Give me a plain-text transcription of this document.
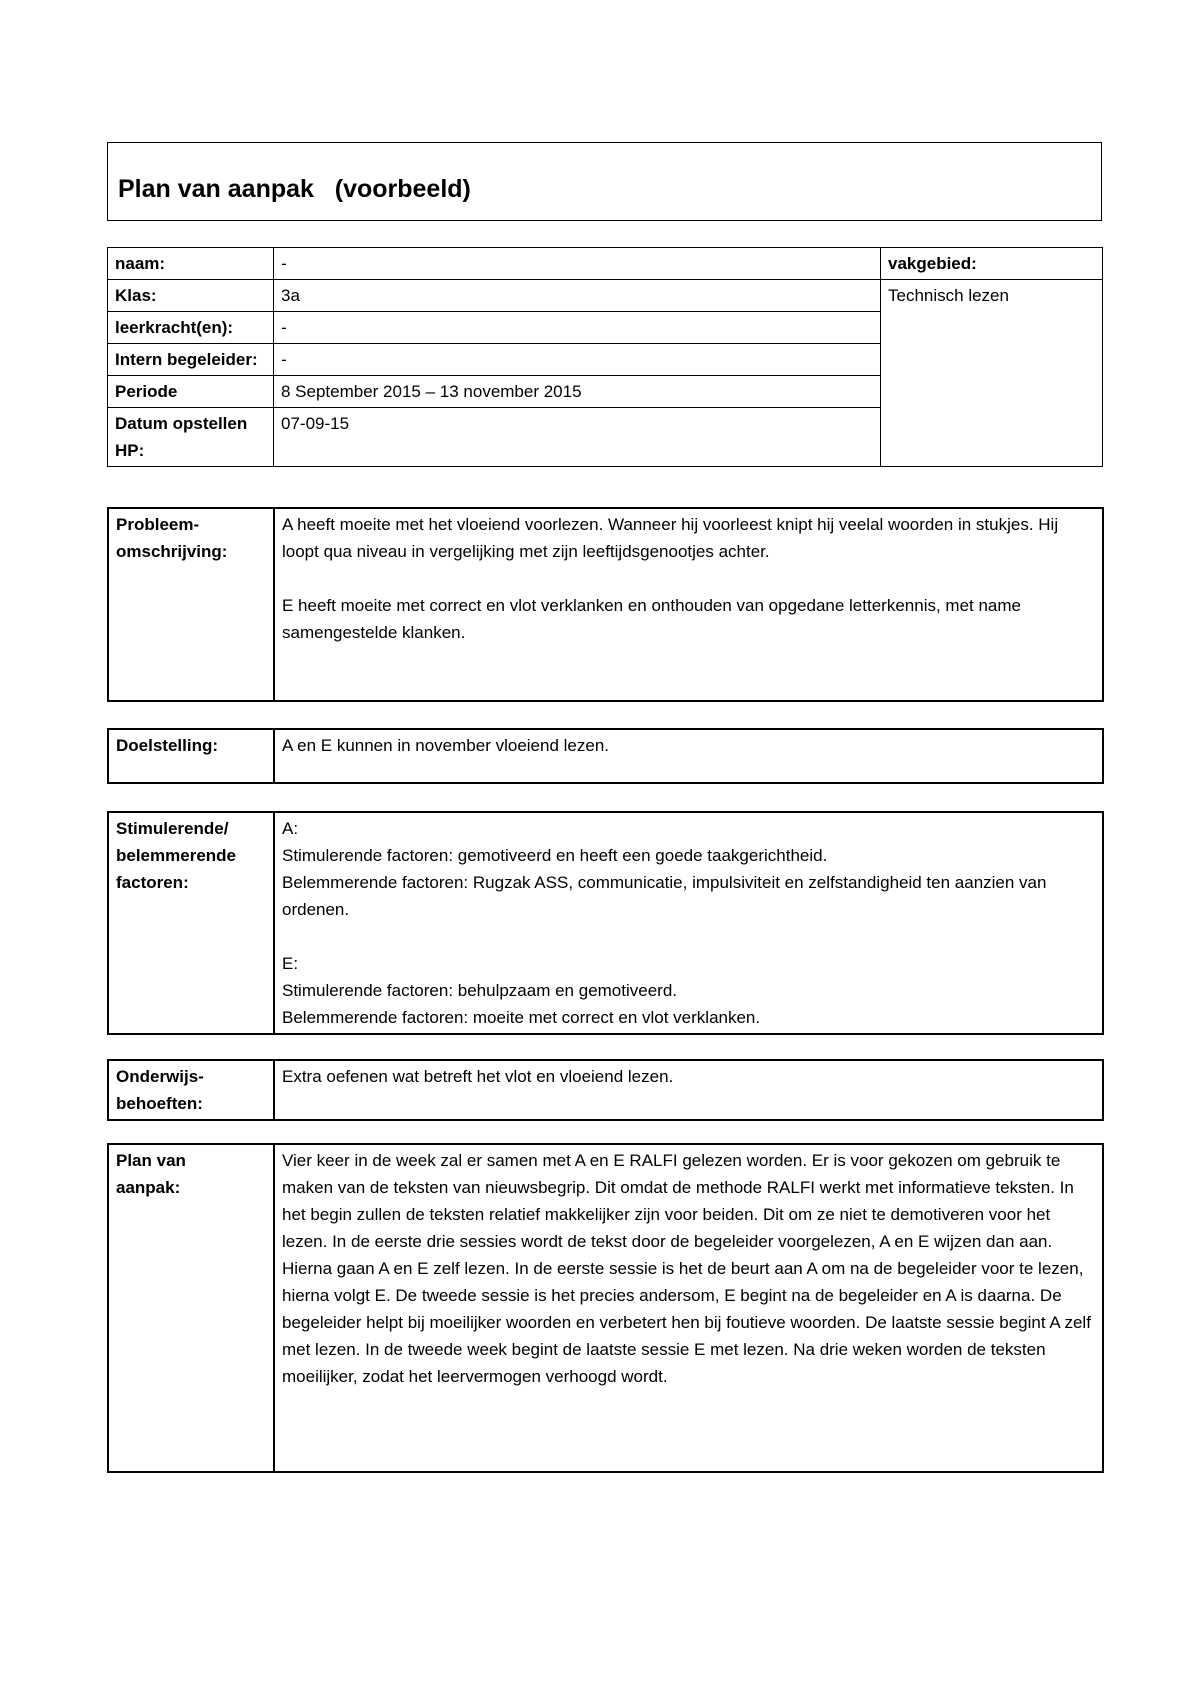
Plan van aanpak   (voorbeeld)
naam:	-	vakgebied:
Klas:	3a	Technisch lezen
leerkracht(en):	-	
Intern begeleider:	-	
Periode	8 September 2015 – 13 november 2015	
Datum opstellen HP:	07-09-15	
Probleem-
omschrijving:	
A heeft moeite met het vloeiend voorlezen. Wanneer hij voorleest knipt hij veelal woorden in stukjes. Hij loopt qua niveau in vergelijking met zijn leeftijdsgenootjes achter.
E heeft moeite met correct en vlot verklanken en onthouden van opgedane letterkennis, met name samengestelde klanken.
Doelstelling:	A en E kunnen in november vloeiend lezen.
Stimulerende/
belemmerende
factoren:	
A:
Stimulerende factoren: gemotiveerd en heeft een goede taakgerichtheid.
Belemmerende factoren: Rugzak ASS, communicatie, impulsiviteit en zelfstandigheid ten aanzien van ordenen.
E:
Stimulerende factoren: behulpzaam en gemotiveerd.
Belemmerende factoren: moeite met correct en vlot verklanken.
Onderwijs-
behoeften:	
Extra oefenen wat betreft het vlot en vloeiend lezen.
Plan van
aanpak:	
Vier keer in de week zal er samen met A en E RALFI gelezen worden. Er is voor gekozen om gebruik te maken van de teksten van nieuwsbegrip. Dit omdat de methode RALFI werkt met informatieve teksten. In het begin zullen de teksten relatief makkelijker zijn voor beiden. Dit om ze niet te demotiveren voor het lezen. In de eerste drie sessies wordt de tekst door de begeleider voorgelezen, A en E wijzen dan aan. Hierna gaan A en E zelf lezen. In de eerste sessie is het de beurt aan A om na de begeleider voor te lezen, hierna volgt E. De tweede sessie is het precies andersom, E begint na de begeleider en A is daarna. De begeleider helpt bij moeilijker woorden en verbetert hen bij foutieve woorden. De laatste sessie begint A zelf met lezen. In de tweede week begint de laatste sessie E met lezen. Na drie weken worden de teksten moeilijker, zodat het leervermogen verhoogd wordt.
